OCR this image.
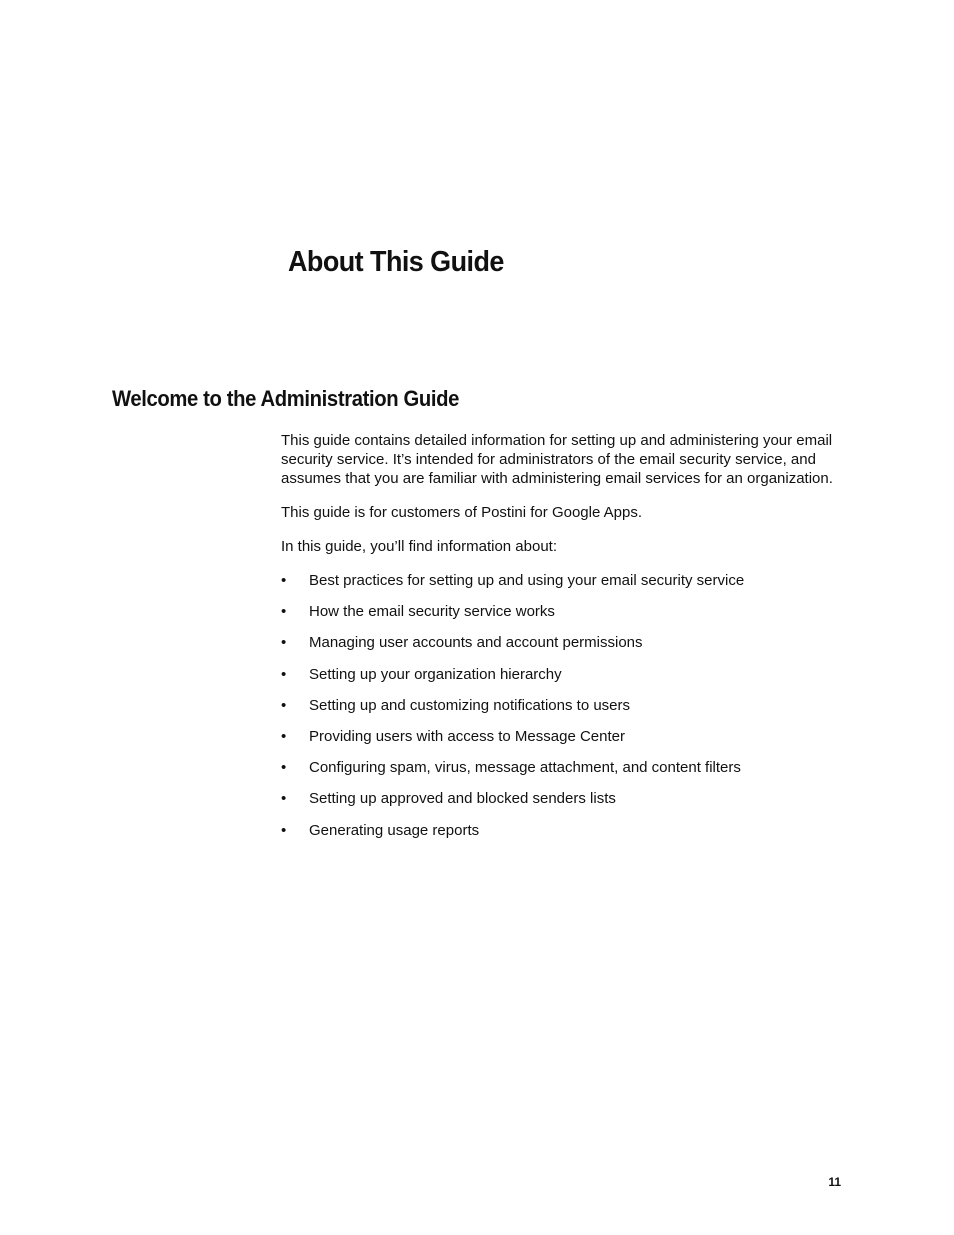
About This Guide
Welcome to the Administration Guide

This guide contains detailed information for setting up and administering your email security service. It’s intended for administrators of the email security service, and assumes that you are familiar with administering email services for an organization.

This guide is for customers of Postini for Google Apps.

In this guide, you’ll find information about:

• Best practices for setting up and using your email security service
• How the email security service works
• Managing user accounts and account permissions
• Setting up your organization hierarchy
• Setting up and customizing notifications to users
• Providing users with access to Message Center
• Configuring spam, virus, message attachment, and content filters
• Setting up approved and blocked senders lists
• Generating usage reports
11
